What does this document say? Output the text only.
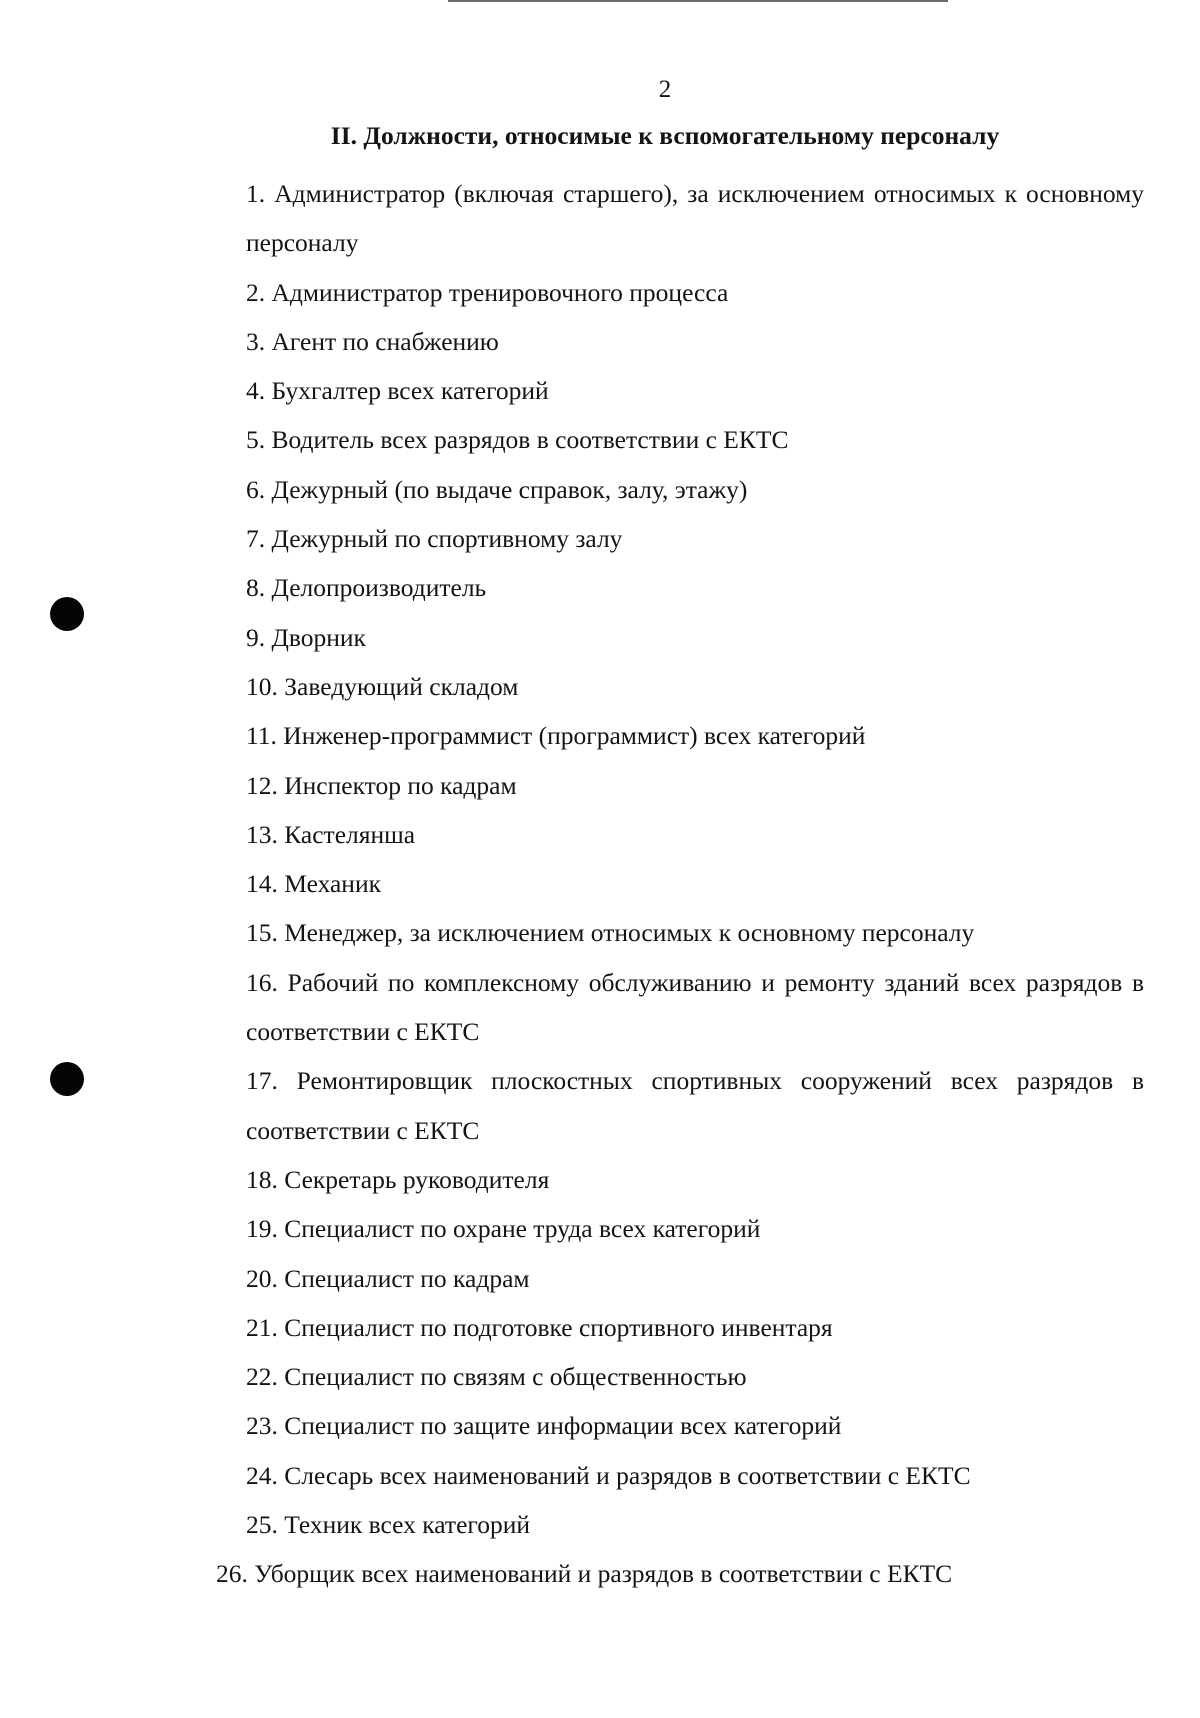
2
II. Должности, относимые к вспомогательному персоналу
1. Администратор (включая старшего), за исключением относимых к основному персоналу
2. Администратор тренировочного процесса
3. Агент по снабжению
4. Бухгалтер всех категорий
5. Водитель всех разрядов в соответствии с ЕКТС
6. Дежурный (по выдаче справок, залу, этажу)
7. Дежурный по спортивному залу
8. Делопроизводитель
9. Дворник
10. Заведующий складом
11. Инженер-программист (программист) всех категорий
12. Инспектор по кадрам
13. Кастелянша
14. Механик
15. Менеджер, за исключением относимых к основному персоналу
16. Рабочий по комплексному обслуживанию и ремонту зданий всех разрядов в соответствии с ЕКТС
17. Ремонтировщик плоскостных спортивных сооружений всех разрядов в соответствии с ЕКТС
18. Секретарь руководителя
19. Специалист по охране труда всех категорий
20. Специалист по кадрам
21. Специалист по подготовке спортивного инвентаря
22. Специалист по связям с общественностью
23. Специалист по защите информации всех категорий
24. Слесарь всех наименований и разрядов в соответствии с ЕКТС
25. Техник всех категорий
26. Уборщик всех наименований и разрядов в соответствии с ЕКТС
